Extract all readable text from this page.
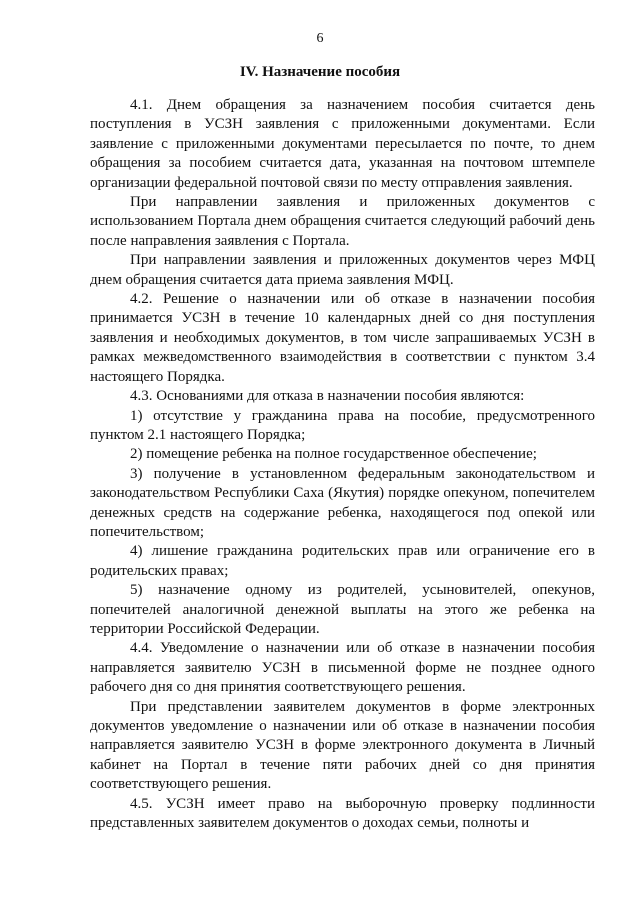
6
IV. Назначение пособия

4.1. Днем обращения за назначением пособия считается день поступления в УСЗН заявления с приложенными документами. Если заявление с приложенными документами пересылается по почте, то днем обращения за пособием считается дата, указанная на почтовом штемпеле организации федеральной почтовой связи по месту отправления заявления.

При направлении заявления и приложенных документов с использованием Портала днем обращения считается следующий рабочий день после направления заявления с Портала.

При направлении заявления и приложенных документов через МФЦ днем обращения считается дата приема заявления МФЦ.

4.2. Решение о назначении или об отказе в назначении пособия принимается УСЗН в течение 10 календарных дней со дня поступления заявления и необходимых документов, в том числе запрашиваемых УСЗН в рамках межведомственного взаимодействия в соответствии с пунктом 3.4 настоящего Порядка.

4.3. Основаниями для отказа в назначении пособия являются:

1) отсутствие у гражданина права на пособие, предусмотренного пунктом 2.1 настоящего Порядка;

2) помещение ребенка на полное государственное обеспечение;

3) получение в установленном федеральным законодательством и законодательством Республики Саха (Якутия) порядке опекуном, попечителем денежных средств на содержание ребенка, находящегося под опекой или попечительством;

4) лишение гражданина родительских прав или ограничение его в родительских правах;

5) назначение одному из родителей, усыновителей, опекунов, попечителей аналогичной денежной выплаты на этого же ребенка на территории Российской Федерации.

4.4. Уведомление о назначении или об отказе в назначении пособия направляется заявителю УСЗН в письменной форме не позднее одного рабочего дня со дня принятия соответствующего решения.

При представлении заявителем документов в форме электронных документов уведомление о назначении или об отказе в назначении пособия направляется заявителю УСЗН в форме электронного документа в Личный кабинет на Портал в течение пяти рабочих дней со дня принятия соответствующего решения.

4.5. УСЗН имеет право на выборочную проверку подлинности представленных заявителем документов о доходах семьи, полноты и
